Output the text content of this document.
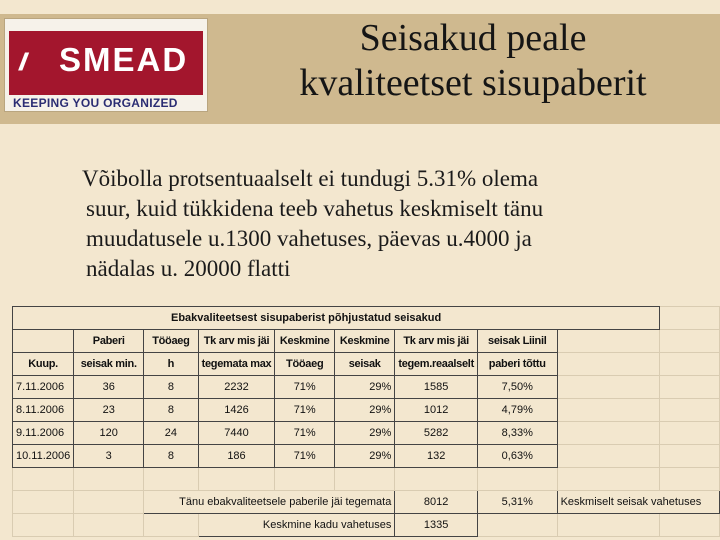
///	SMEAD
KEEPING YOU ORGANIZED
Seisakud peale
kvaliteetset sisupaberit
Võibolla protsentuaalselt ei tundugi 5.31% olema
suur, kuid tükkidena teeb vahetus keskmiselt tänu
muudatusele u.1300 vahetuses, päevas u.4000 ja
nädalas u. 20000 flatti
Ebakvaliteetsest sisupaberist põhjustatud seisakud									
	Paberi	Tööaeg	Tk arv mis jäi	Keskmine	Keskmine	Tk arv mis jäi	seisak Liinil		
Kuup.	seisak min.	h	tegemata max	Tööaeg	seisak	tegem.reaalselt	paberi tõttu		
7.11.2006	36	8	2232	71%	29%	1585	7,50%		
8.11.2006	23	8	1426	71%	29%	1012	4,79%		
9.11.2006	120	24	7440	71%	29%	5282	8,33%		
10.11.2006	3	8	186	71%	29%	132	0,63%		

		Tänu ebakvaliteetsele paberile jäi tegemata				8012	5,31%	Keskmiselt seisak vahetuses	
			Keskmine kadu vahetuses			1335			
